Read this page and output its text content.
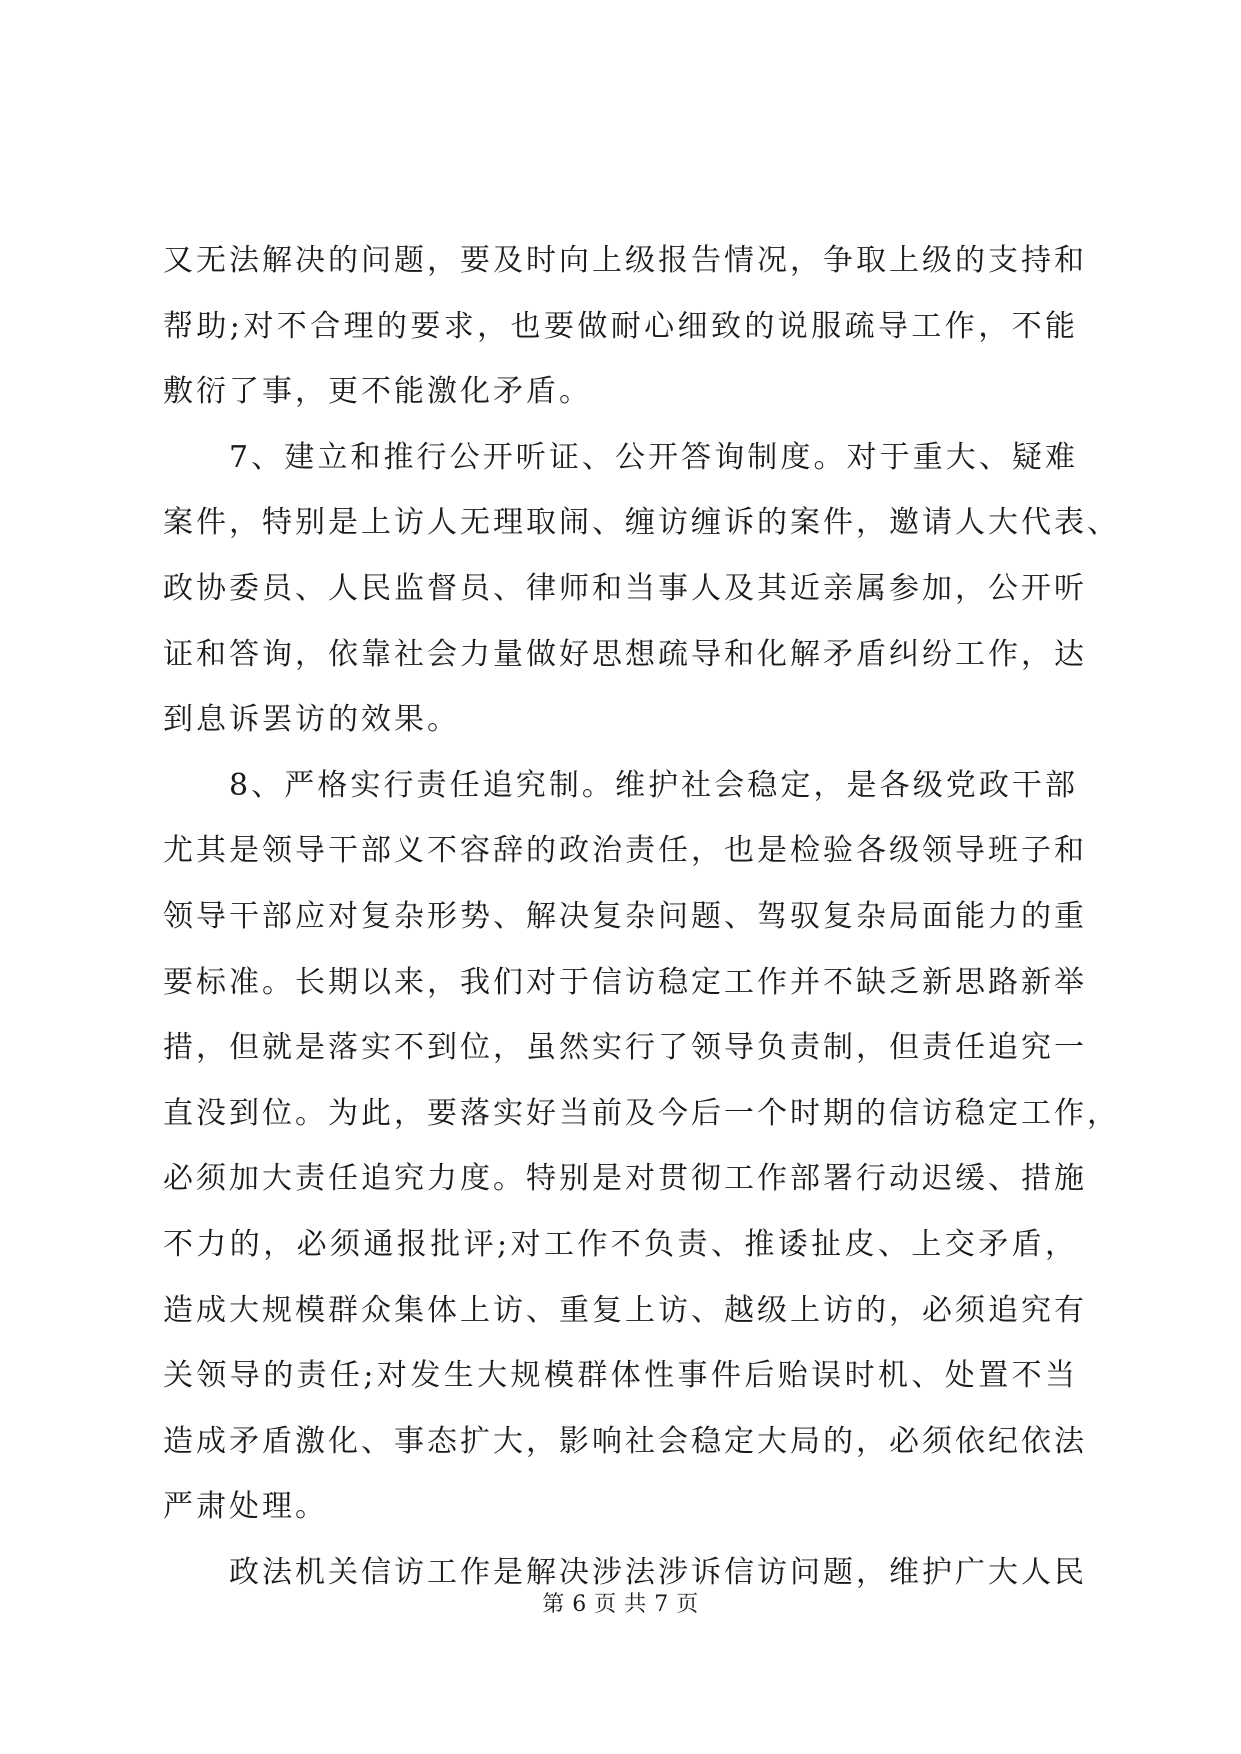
又无法解决的问题，要及时向上级报告情况，争取上级的支持和
帮助;对不合理的要求，也要做耐心细致的说服疏导工作，不能
敷衍了事，更不能激化矛盾。
7、建立和推行公开听证、公开答询制度。对于重大、疑难
案件，特别是上访人无理取闹、缠访缠诉的案件，邀请人大代表、
政协委员、人民监督员、律师和当事人及其近亲属参加，公开听
证和答询，依靠社会力量做好思想疏导和化解矛盾纠纷工作，达
到息诉罢访的效果。
8、严格实行责任追究制。维护社会稳定，是各级党政干部
尤其是领导干部义不容辞的政治责任，也是检验各级领导班子和
领导干部应对复杂形势、解决复杂问题、驾驭复杂局面能力的重
要标准。长期以来，我们对于信访稳定工作并不缺乏新思路新举
措，但就是落实不到位，虽然实行了领导负责制，但责任追究一
直没到位。为此，要落实好当前及今后一个时期的信访稳定工作，
必须加大责任追究力度。特别是对贯彻工作部署行动迟缓、措施
不力的，必须通报批评;对工作不负责、推诿扯皮、上交矛盾，
造成大规模群众集体上访、重复上访、越级上访的，必须追究有
关领导的责任;对发生大规模群体性事件后贻误时机、处置不当
造成矛盾激化、事态扩大，影响社会稳定大局的，必须依纪依法
严肃处理。
政法机关信访工作是解决涉法涉诉信访问题，维护广大人民
第 6 页 共 7 页
